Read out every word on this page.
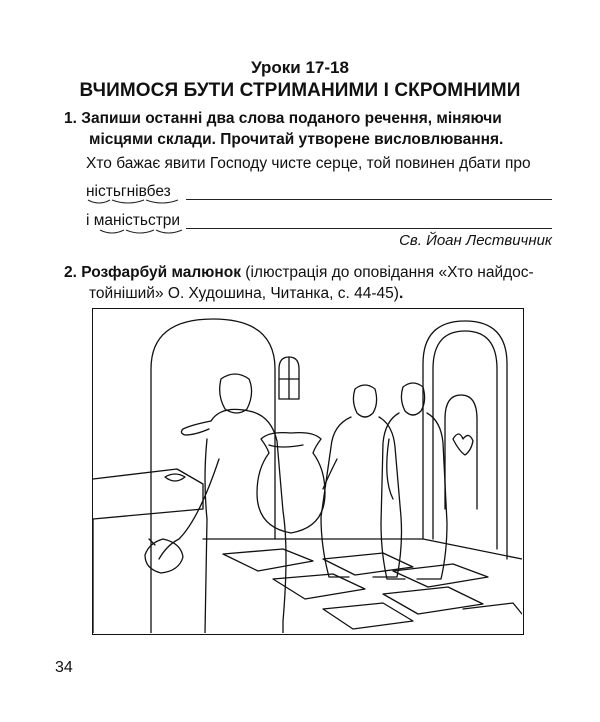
Уроки 17-18
ВЧИМОСЯ БУТИ СТРИМАНИМИ І СКРОМНИМИ
1. Запиши останні два слова поданого речення, міняючи
місцями склади. Прочитай утворене висловлювання.
Хто бажає явити Господу чисте серце, той повинен дбати про
нiстьгнiвбез
і маністьстри
Св. Йоан Лествичник
2. Розфарбуй малюнок (ілюстрація до оповідання «Хто найдос-
тойніший» О. Худошина, Читанка, с. 44-45).
34
